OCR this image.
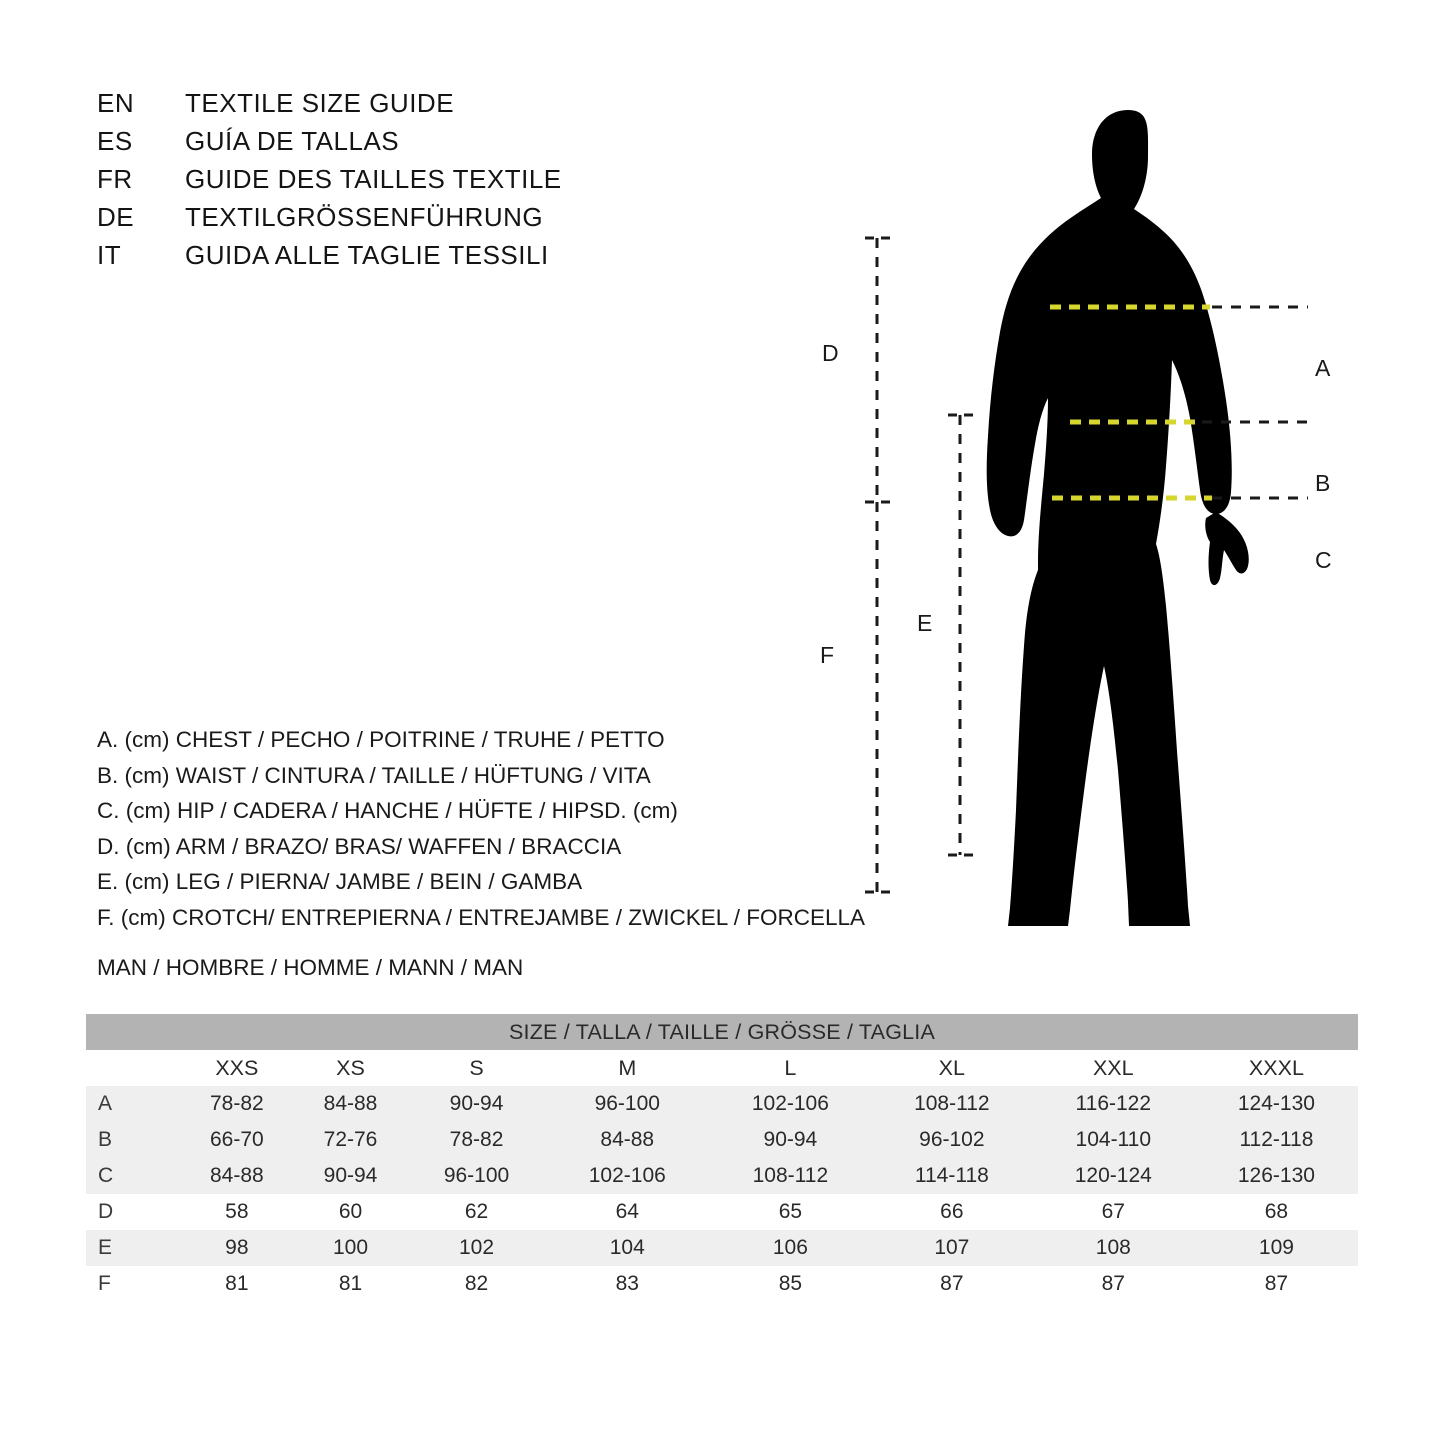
EN	TEXTILE SIZE GUIDE
ES	GUÍA DE TALLAS
FR	GUIDE DES TAILLES TEXTILE
DE	TEXTILGRÖSSENFÜHRUNG
IT	GUIDA ALLE TAGLIE TESSILI
A. (cm) CHEST / PECHO / POITRINE / TRUHE / PETTO
B. (cm) WAIST / CINTURA / TAILLE / HÜFTUNG / VITA
C. (cm) HIP / CADERA / HANCHE / HÜFTE / HIPSD. (cm)
D. (cm) ARM / BRAZO/ BRAS/ WAFFEN / BRACCIA
E. (cm) LEG / PIERNA/ JAMBE / BEIN / GAMBA
F. (cm) CROTCH/ ENTREPIERNA / ENTREJAMBE / ZWICKEL / FORCELLA
MAN / HOMBRE / HOMME / MANN / MAN
D
E
F
A
B
C
SIZE / TALLA / TAILLE / GRÖSSE / TAGLIA								
	XXS	XS	S	M	L	XL	XXL	XXXL
A	78-82	84-88	90-94	96-100	102-106	108-112	116-122	124-130
B	66-70	72-76	78-82	84-88	90-94	96-102	104-110	112-118
C	84-88	90-94	96-100	102-106	108-112	114-118	120-124	126-130
D	58	60	62	64	65	66	67	68
E	98	100	102	104	106	107	108	109
F	81	81	82	83	85	87	87	87
